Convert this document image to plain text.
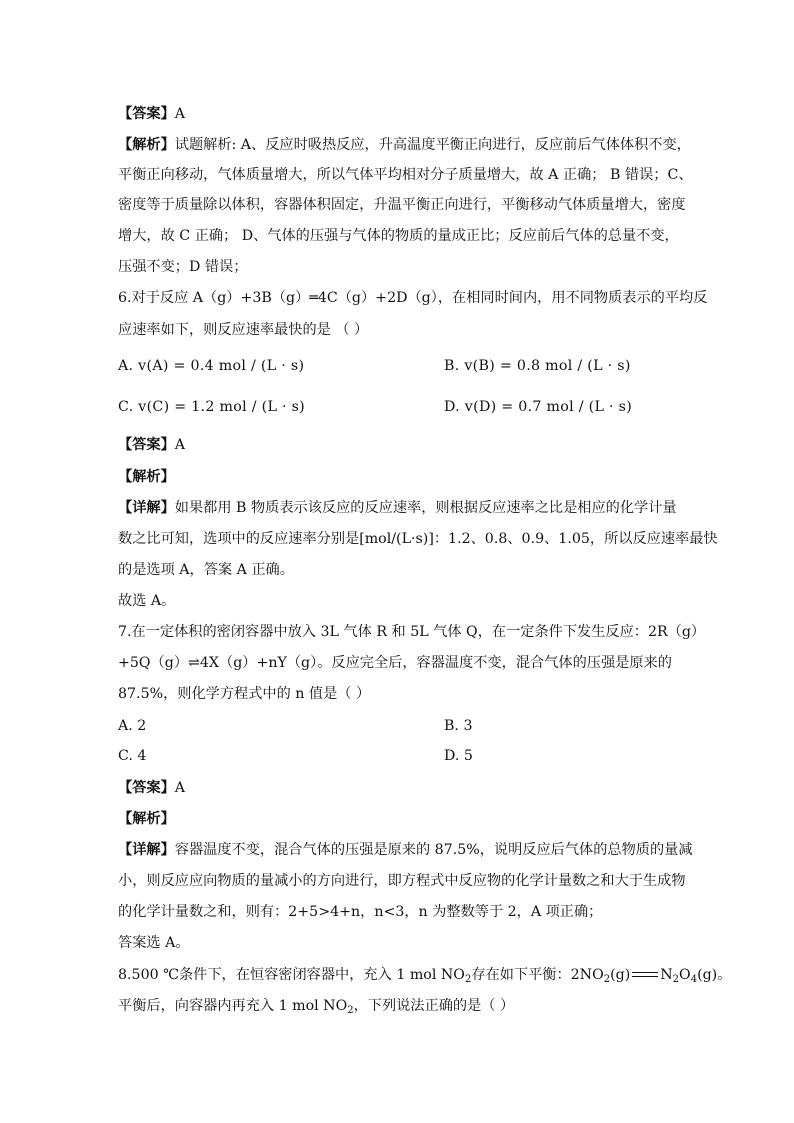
【答案】A
【解析】试题解析: A、反应时吸热反应，升高温度平衡正向进行，反应前后气体体积不变，
平衡正向移动，气体质量增大，所以气体平均相对分子质量增大，故 A 正确； B 错误；C、
密度等于质量除以体积，容器体积固定，升温平衡正向进行，平衡移动气体质量增大，密度
增大，故 C 正确； D、气体的压强与气体的物质的量成正比；反应前后气体的总量不变，
压强不变；D 错误；
6.对于反应 A（g）+3B（g）═4C（g）+2D（g），在相同时间内，用不同物质表示的平均反
应速率如下，则反应速率最快的是 （ ）
A. v(A) = 0.4 mol / (L · s)	B. v(B) = 0.8 mol / (L · s)
C. v(C) = 1.2 mol / (L · s)	D. v(D) = 0.7 mol / (L · s)
【答案】A
【解析】
【详解】如果都用 B 物质表示该反应的反应速率，则根据反应速率之比是相应的化学计量
数之比可知，选项中的反应速率分别是[mol/(L·s)]：1.2、0.8、0.9、1.05，所以反应速率最快
的是选项 A，答案 A 正确。
故选 A。
7.在一定体积的密闭容器中放入 3L 气体 R 和 5L 气体 Q，在一定条件下发生反应：2R（g）
+5Q（g）⇌4X（g）+nY（g）。反应完全后，容器温度不变，混合气体的压强是原来的
87.5%，则化学方程式中的 n 值是（ ）
A. 2	B. 3
C. 4	D. 5
【答案】A
【解析】
【详解】容器温度不变，混合气体的压强是原来的 87.5%，说明反应后气体的总物质的量减
小，则反应应向物质的量减小的方向进行，即方程式中反应物的化学计量数之和大于生成物
的化学计量数之和，则有：2+5>4+n，n<3，n 为整数等于 2，A 项正确；
答案选 A。
8.500 ℃条件下，在恒容密闭容器中，充入 1 mol $NO_2$存在如下平衡：$2NO_2(g)$ $N_2O_4(g)$。
平衡后，向容器内再充入 1 mol $NO_2$，下列说法正确的是（ ）
